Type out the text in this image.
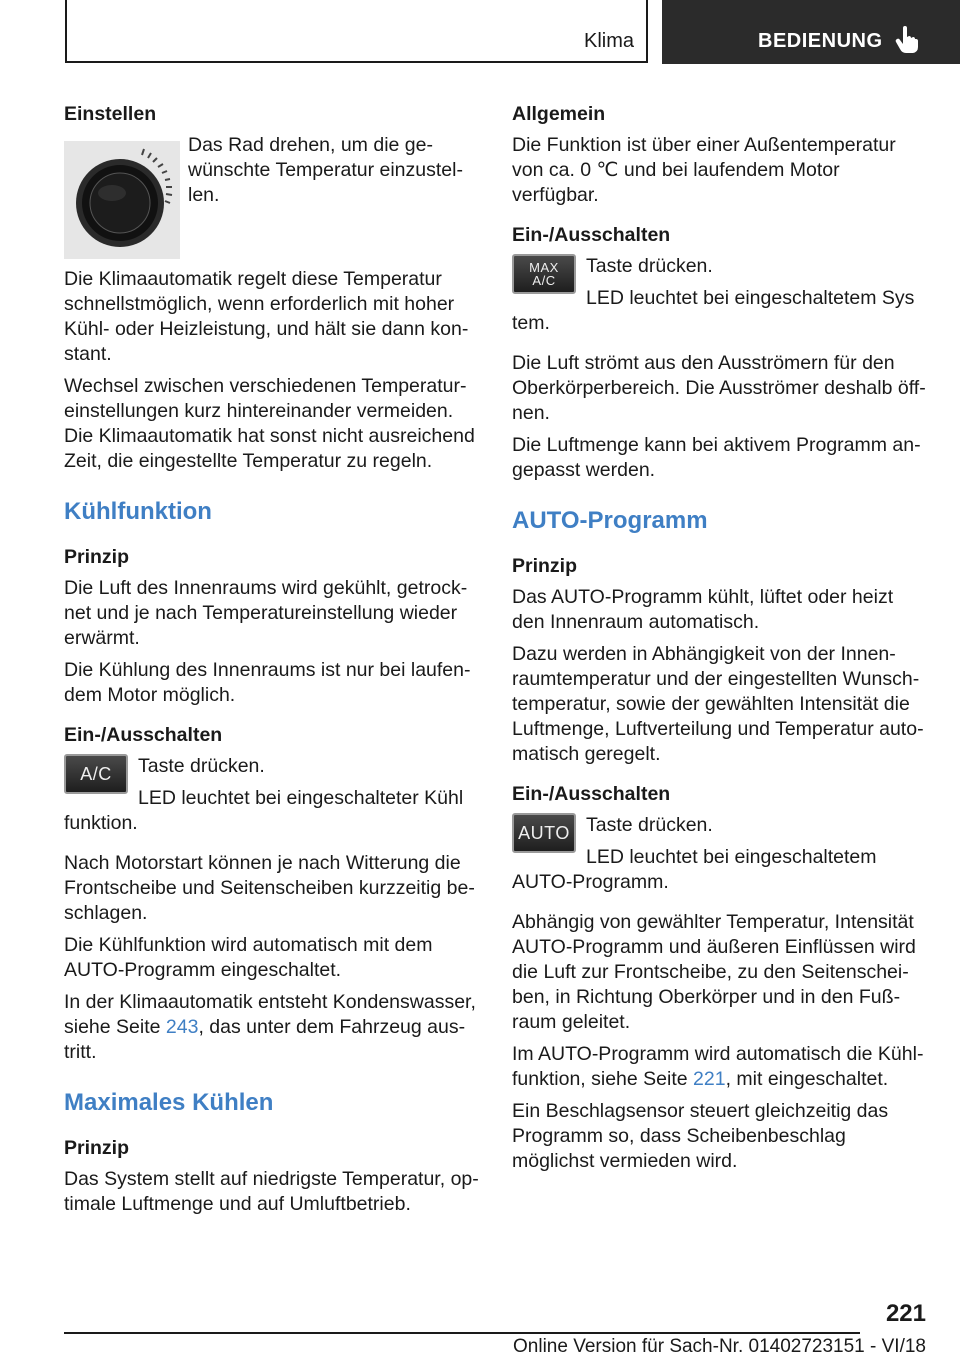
Klima	BEDIENUNG
Einstellen

Das Rad drehen, um die gewünschte Temperatur einzustellen.

Die Klimaautomatik regelt diese Temperatur schnellstmöglich, wenn erforderlich mit hoher Kühl- oder Heizleistung, und hält sie dann konstant.

Wechsel zwischen verschiedenen Temperatureinstellungen kurz hintereinander vermeiden. Die Klimaautomatik hat sonst nicht ausreichend Zeit, die eingestellte Temperatur zu regeln.

Kühlfunktion
Prinzip

Die Luft des Innenraums wird gekühlt, getrocknet und je nach Temperatureinstellung wieder erwärmt.

Die Kühlung des Innenraums ist nur bei laufendem Motor möglich.

Ein-/Ausschalten
A/C Taste drücken.

LED leuchtet bei eingeschalteter Kühl

funktion.

Nach Motorstart können je nach Witterung die Frontscheibe und Seitenscheiben kurzzeitig beschlagen.

Die Kühlfunktion wird automatisch mit dem AUTO-Programm eingeschaltet.

In der Klimaautomatik entsteht Kondenswasser, siehe Seite 243, das unter dem Fahrzeug austritt.

Maximales Kühlen
Prinzip

Das System stellt auf niedrigste Temperatur, optimale Luftmenge und auf Umluftbetrieb.

Allgemein

Die Funktion ist über einer Außentemperatur von ca. 0 ℃ und bei laufendem Motor verfügbar.

Ein-/Ausschalten
MAX
A/C

Taste drücken.

LED leuchtet bei eingeschaltetem Sys

tem.

Die Luft strömt aus den Ausströmern für den Oberkörperbereich. Die Ausströmer deshalb öffnen.

Die Luftmenge kann bei aktivem Programm angepasst werden.

AUTO-Programm
Prinzip

Das AUTO-Programm kühlt, lüftet oder heizt den Innenraum automatisch.

Dazu werden in Abhängigkeit von der Innenraumtemperatur und der eingestellten Wunschtemperatur, sowie der gewählten Intensität die Luftmenge, Luftverteilung und Temperatur automatisch geregelt.

Ein-/Ausschalten
AUTO Taste drücken.

LED leuchtet bei eingeschaltetem

AUTO-Programm.

Abhängig von gewählter Temperatur, Intensität AUTO-Programm und äußeren Einflüssen wird die Luft zur Frontscheibe, zu den Seitenscheiben, in Richtung Oberkörper und in den Fußraum geleitet.

Im AUTO-Programm wird automatisch die Kühlfunktion, siehe Seite 221, mit eingeschaltet.

Ein Beschlagsensor steuert gleichzeitig das Programm so, dass Scheibenbeschlag möglichst vermieden wird.

221
Online Version für Sach-Nr. 01402723151 - VI/18
